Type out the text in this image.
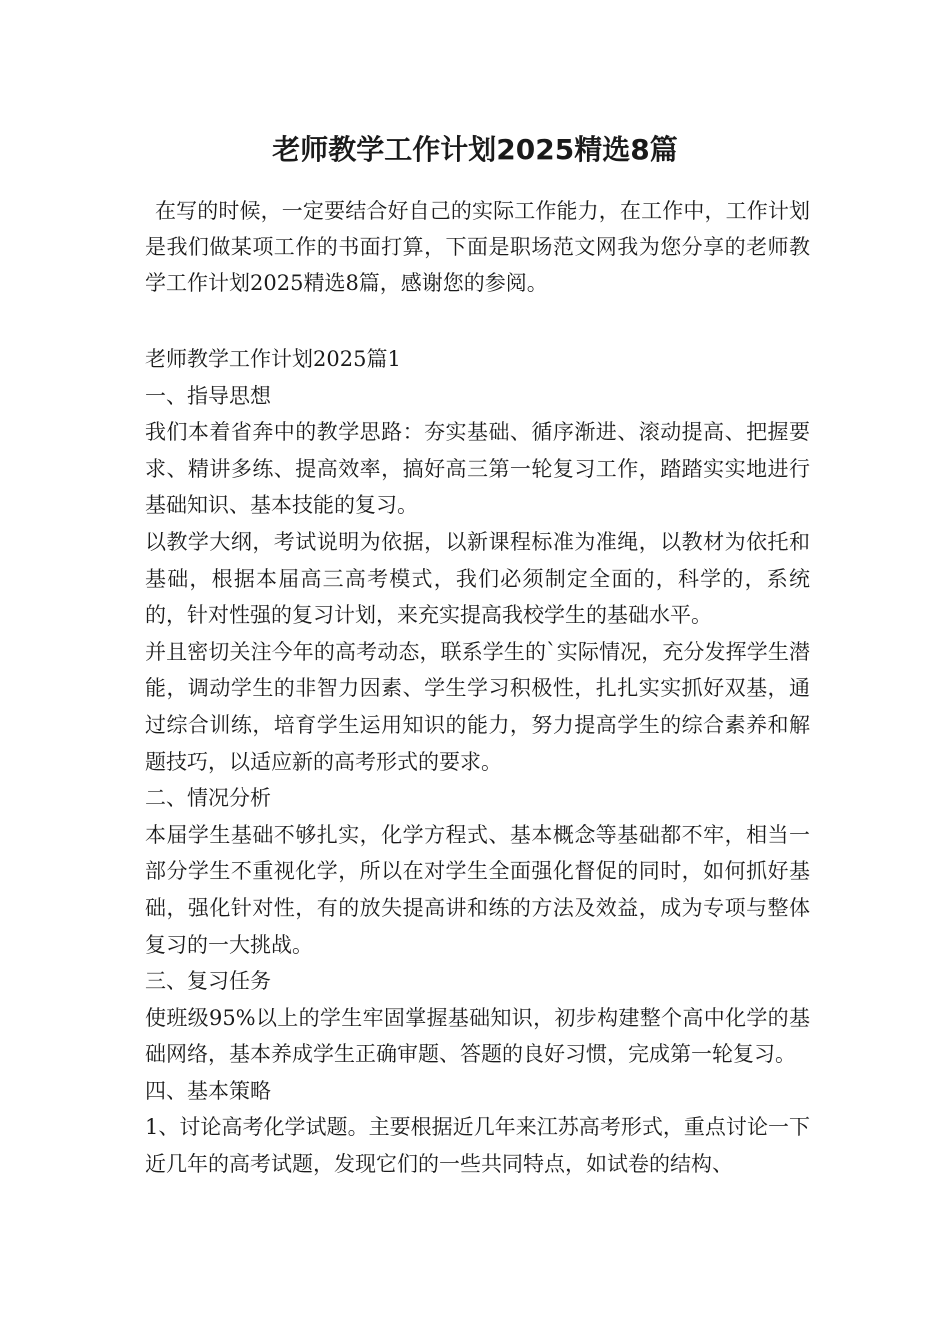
老师教学工作计划2025精选8篇
在写的时候，一定要结合好自己的实际工作能力，在工作中，工作计划是我们做某项工作的书面打算，下面是职场范文网我为您分享的老师教学工作计划2025精选8篇，感谢您的参阅。

老师教学工作计划2025篇1

一、指导思想

我们本着省奔中的教学思路：夯实基础、循序渐进、滚动提高、把握要求、精讲多练、提高效率，搞好高三第一轮复习工作，踏踏实实地进行基础知识、基本技能的复习。

以教学大纲，考试说明为依据，以新课程标准为准绳，以教材为依托和基础，根据本届高三高考模式，我们必须制定全面的，科学的，系统的，针对性强的复习计划，来充实提高我校学生的基础水平。

并且密切关注今年的高考动态，联系学生的`实际情况，充分发挥学生潜能，调动学生的非智力因素、学生学习积极性，扎扎实实抓好双基，通过综合训练，培育学生运用知识的能力，努力提高学生的综合素养和解题技巧，以适应新的高考形式的要求。

二、情况分析

本届学生基础不够扎实，化学方程式、基本概念等基础都不牢，相当一部分学生不重视化学，所以在对学生全面强化督促的同时，如何抓好基础，强化针对性，有的放失提高讲和练的方法及效益，成为专项与整体复习的一大挑战。

三、复习任务

使班级95%以上的学生牢固掌握基础知识，初步构建整个高中化学的基础网络，基本养成学生正确审题、答题的良好习惯，完成第一轮复习。

四、基本策略

1、讨论高考化学试题。主要根据近几年来江苏高考形式，重点讨论一下近几年的高考试题，发现它们的一些共同特点，如试卷的结构、
